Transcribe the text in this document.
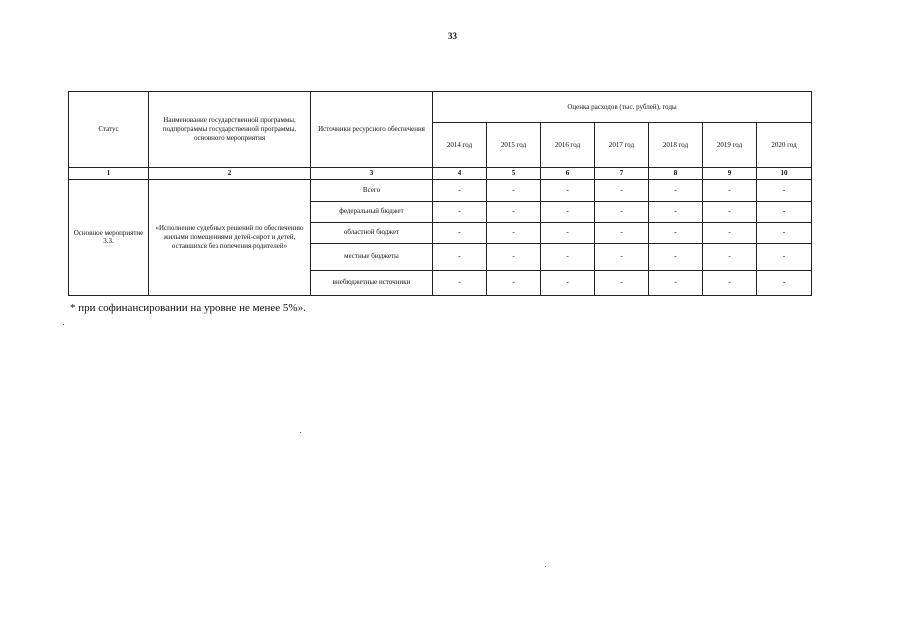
33
Статус	Наименование государственной программы, подпрограммы государственной программы, основного мероприятия	Источники ресурсного обеспечения	Оценка расходов (тыс. рублей), годы						
			2014 год	2015 год	2016 год	2017 год	2018 год	2019 год	2020 год
1	2	3	4	5	6	7	8	9	10
Основное мероприятие 3.3.	«Исполнение судебных решений по обеспечению жилыми помещениями детей-сирот и детей, оставшихся без попечения родителей»	Всего	-	-	-	-	-	-	-
		федеральный бюджет	-	-	-	-	-	-	-
		областной бюджет	-	-	-	-	-	-	-
		местные бюджеты	-	-	-	-	-	-	-
		внебюджетные источники	-	-	-	-	-	-	-
* при софинансировании на уровне не менее 5%».
